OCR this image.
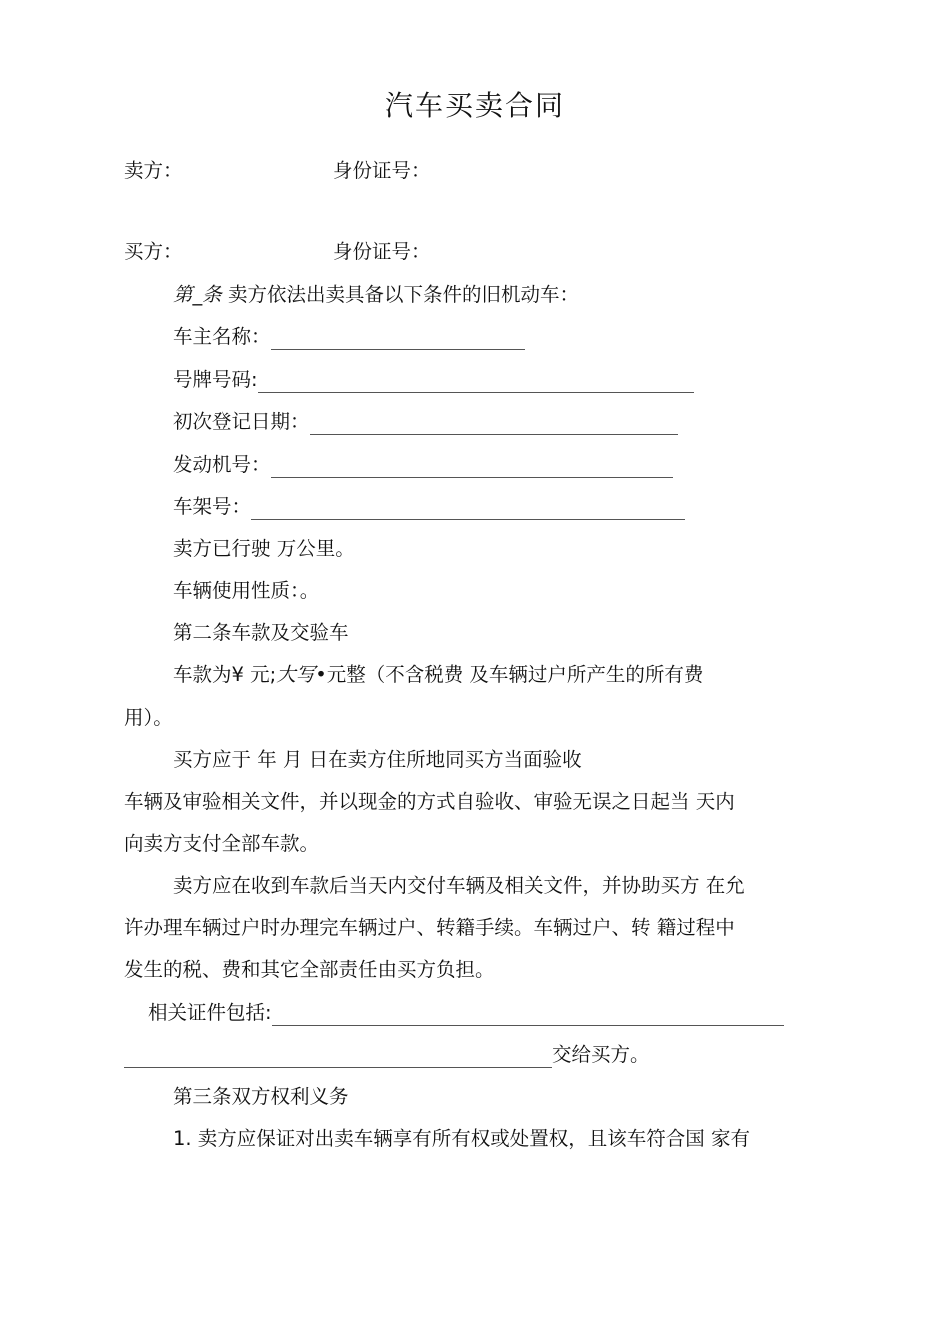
汽车买卖合同
卖方：	身份证号：
买方：	身份证号：
第_条 卖方依法出卖具备以下条件的旧机动车：
车主名称：
号牌号码:
初次登记日期：
发动机号：
车架号：
卖方已行驶 万公里。
车辆使用性质：。
第二条车款及交验车
车款为¥ 元;大写•元整（不含税费 及车辆过户所产生的所有费
用）。
买方应于 年 月 日在卖方住所地同买方当面验收
车辆及审验相关文件，并以现金的方式自验收、审验无误之日起当 天内
向卖方支付全部车款。
卖方应在收到车款后当天内交付车辆及相关文件，并协助买方 在允
许办理车辆过户时办理完车辆过户、转籍手续。车辆过户、转 籍过程中
发生的税、费和其它全部责任由买方负担。
相关证件包括:
交给买方。
第三条双方权利义务
1. 卖方应保证对出卖车辆享有所有权或处置权，且该车符合国 家有
